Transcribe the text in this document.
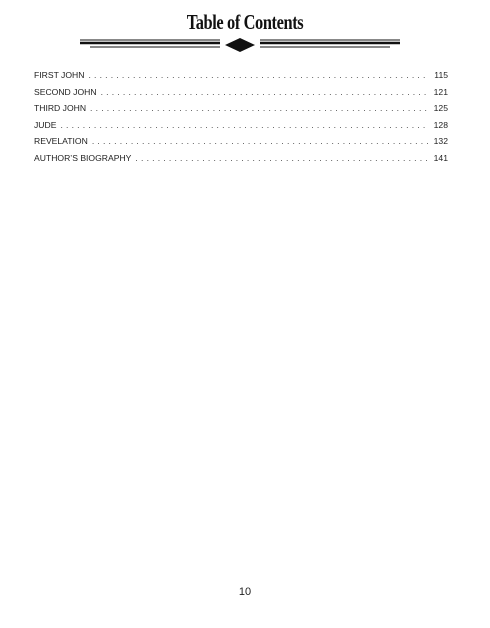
Table of Contents
FIRST JOHN . . .	115
SECOND JOHN . . .	121
THIRD JOHN . . .	125
JUDE . . .	128
REVELATION . . .	132
AUTHOR’S BIOGRAPHY . . .	141
10
